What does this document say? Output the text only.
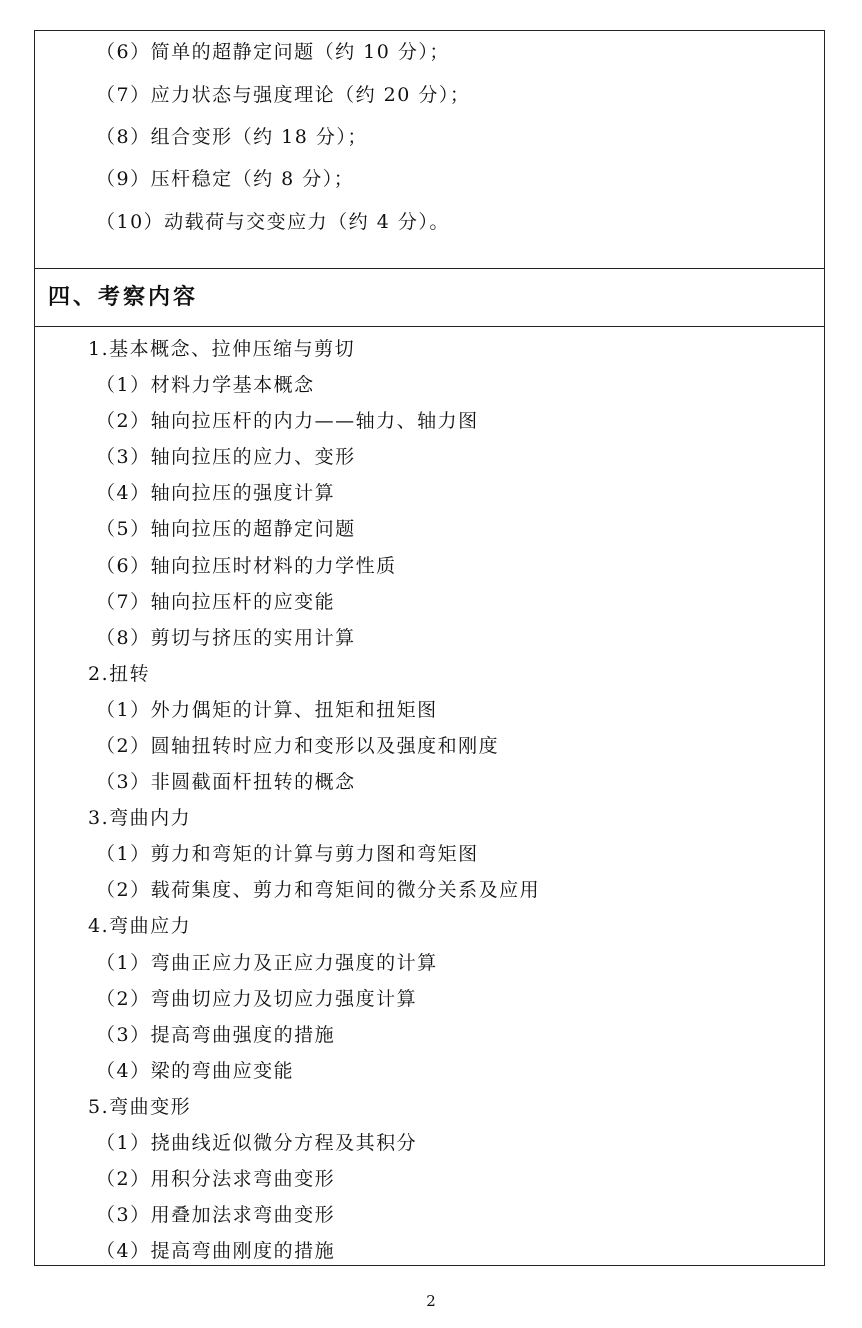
（6）简单的超静定问题（约 10 分）；
（7）应力状态与强度理论（约 20 分）；
（8）组合变形（约 18 分）；
（9）压杆稳定（约 8 分）；
（10）动载荷与交变应力（约 4 分）。
四、考察内容
1.基本概念、拉伸压缩与剪切
（1）材料力学基本概念
（2）轴向拉压杆的内力——轴力、轴力图
（3）轴向拉压的应力、变形
（4）轴向拉压的强度计算
（5）轴向拉压的超静定问题
（6）轴向拉压时材料的力学性质
（7）轴向拉压杆的应变能
（8）剪切与挤压的实用计算
2.扭转
（1）外力偶矩的计算、扭矩和扭矩图
（2）圆轴扭转时应力和变形以及强度和刚度
（3）非圆截面杆扭转的概念
3.弯曲内力
（1）剪力和弯矩的计算与剪力图和弯矩图
（2）载荷集度、剪力和弯矩间的微分关系及应用
4.弯曲应力
（1）弯曲正应力及正应力强度的计算
（2）弯曲切应力及切应力强度计算
（3）提高弯曲强度的措施
（4）梁的弯曲应变能
5.弯曲变形
（1）挠曲线近似微分方程及其积分
（2）用积分法求弯曲变形
（3）用叠加法求弯曲变形
（4）提高弯曲刚度的措施
2
